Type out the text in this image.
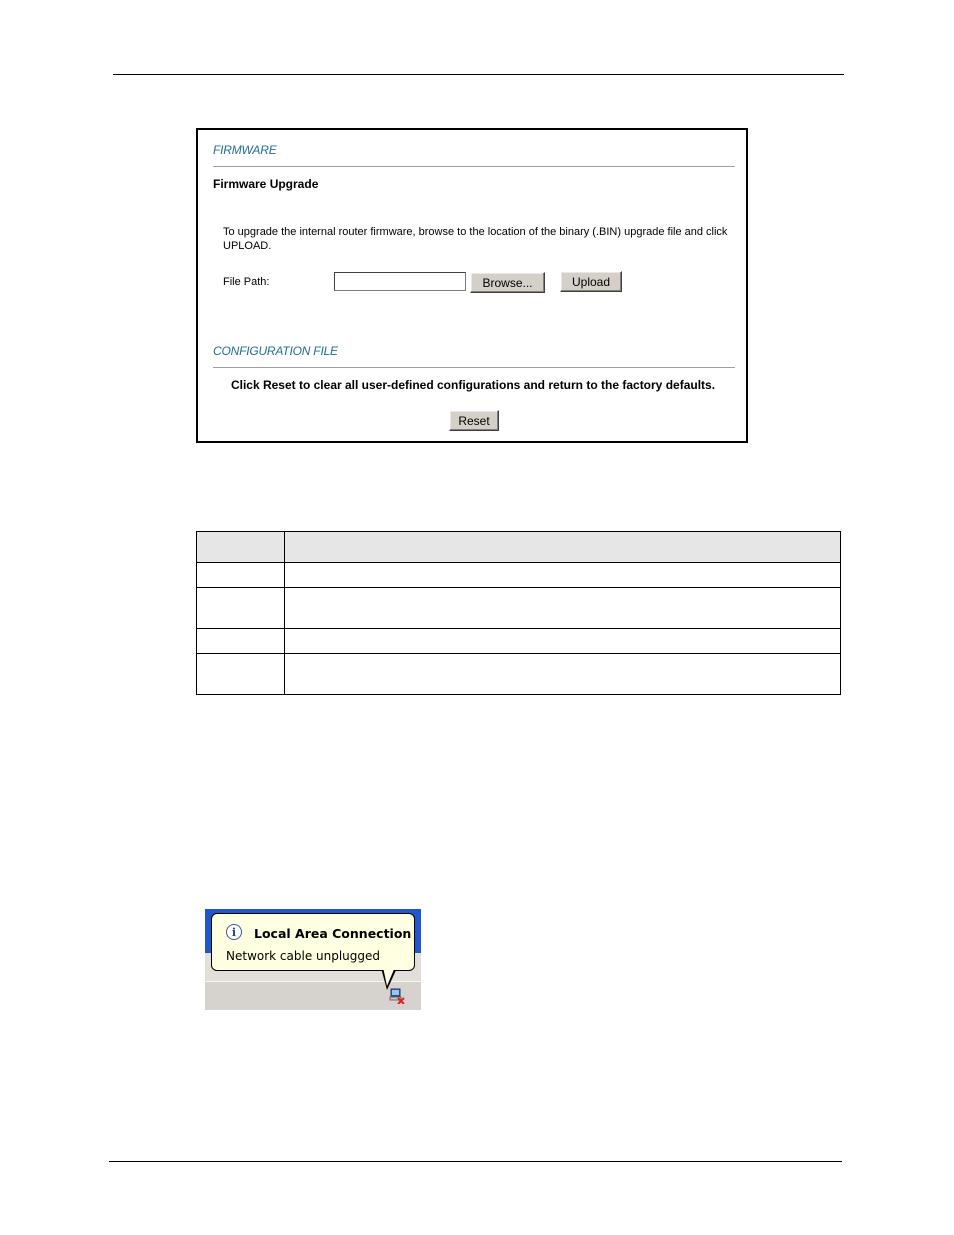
FIRMWARE
Firmware Upgrade
To upgrade the internal router firmware, browse to the location of the binary (.BIN) upgrade file and click UPLOAD.
File Path:	Browse...	Upload
CONFIGURATION FILE
Click Reset to clear all user-defined configurations and return to the factory defaults.
Reset

i	Local Area Connection
Network cable unplugged
